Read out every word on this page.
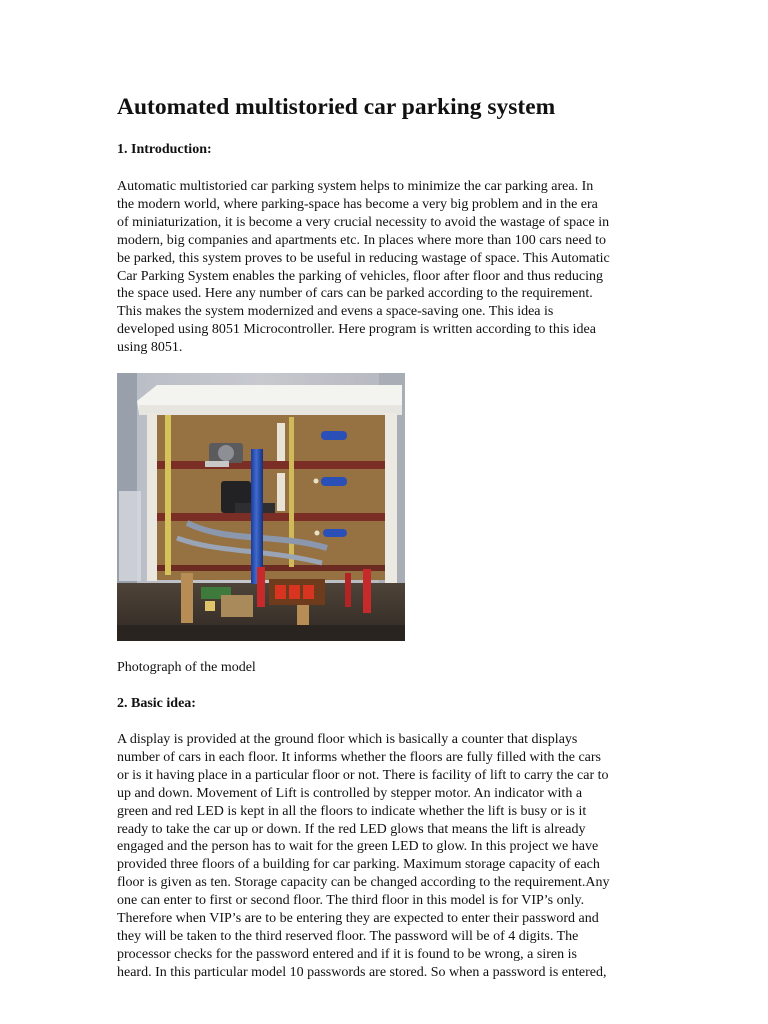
Automated multistoried car parking system
1. Introduction:
Automatic multistoried car parking system helps to minimize the car parking area. In
the modern world, where parking-space has become a very big problem and in the era
of miniaturization, it is become a very crucial necessity to avoid the wastage of space in
modern, big companies and apartments etc. In places where more than 100 cars need to
be parked, this system proves to be useful in reducing wastage of space. This Automatic
Car Parking System enables the parking of vehicles, floor after floor and thus reducing
the space used. Here any number of cars can be parked according to the requirement.
This makes the system modernized and evens a space-saving one. This idea is
developed using 8051 Microcontroller. Here program is written according to this idea
using 8051.

Photograph of the model

2. Basic idea:
A display is provided at the ground floor which is basically a counter that displays
number of cars in each floor. It informs whether the floors are fully filled with the cars
or is it having place in a particular floor or not. There is facility of lift to carry the car to
up and down. Movement of Lift is controlled by stepper motor. An indicator with a
green and red LED is kept in all the floors to indicate whether the lift is busy or is it
ready to take the car up or down. If the red LED glows that means the lift is already
engaged and the person has to wait for the green LED to glow. In this project we have
provided three floors of a building for car parking. Maximum storage capacity of each
floor is given as ten. Storage capacity can be changed according to the requirement.Any
one can enter to first or second floor. The third floor in this model is for VIP’s only.
Therefore when VIP’s are to be entering they are expected to enter their password and
they will be taken to the third reserved floor. The password will be of 4 digits. The
processor checks for the password entered and if it is found to be wrong, a siren is
heard. In this particular model 10 passwords are stored. So when a password is entered,
